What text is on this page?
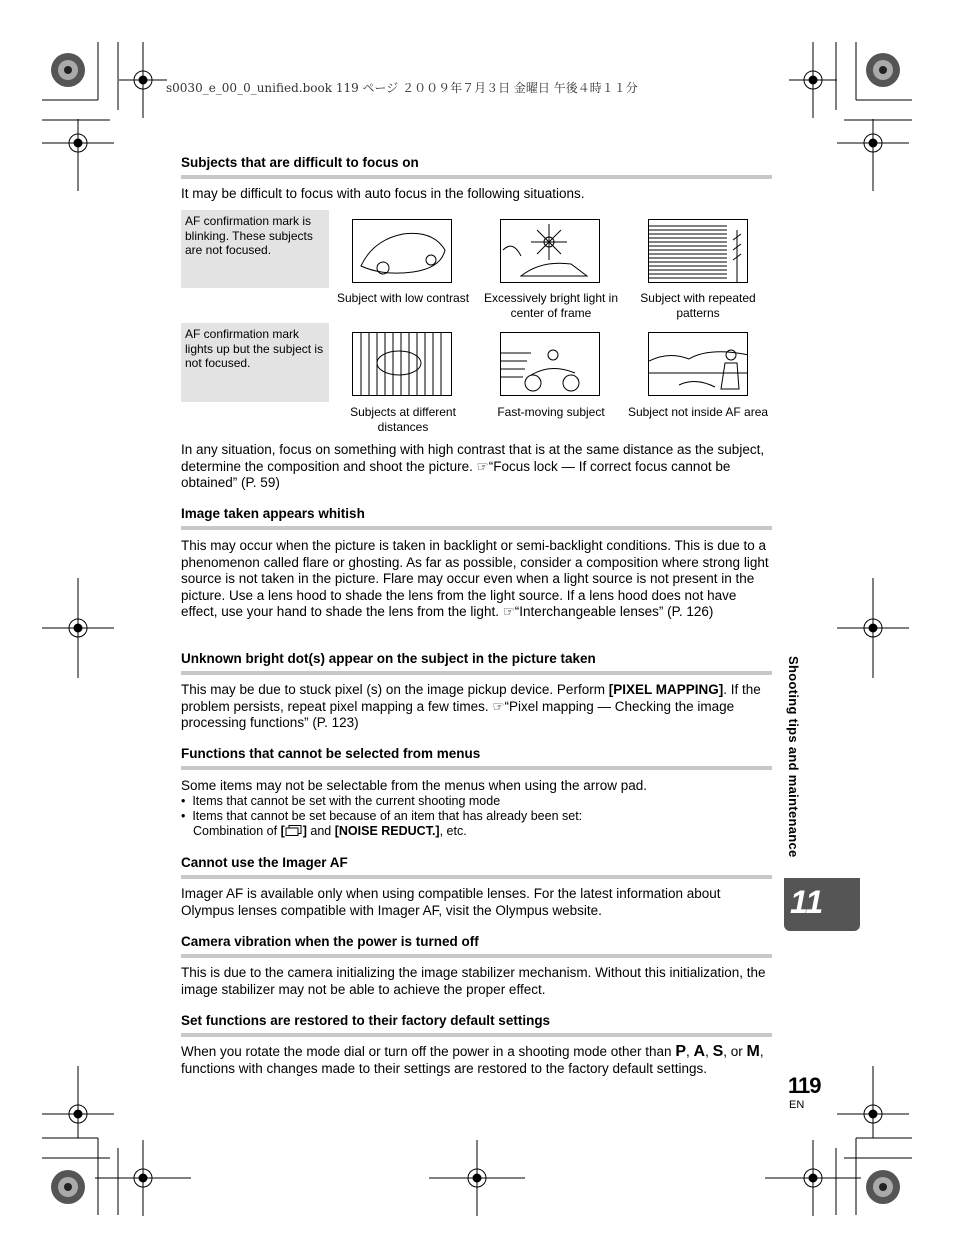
s0030_e_00_0_unified.book 119 ページ ２００９年７月３日 金曜日 午後４時１１分
Subjects that are difficult to focus on
It may be difficult to focus with auto focus in the following situations.
AF confirmation mark is blinking. These subjects are not focused.
AF confirmation mark lights up but the subject is not focused.
Subject with low contrast	Excessively bright light in center of frame
Subject with repeated patterns
Subjects at different distances
Fast-moving subject	Subject not inside AF area
In any situation, focus on something with high contrast that is at the same distance as the subject, determine the composition and shoot the picture. ☞“Focus lock — If correct focus cannot be obtained” (P. 59)
Image taken appears whitish
This may occur when the picture is taken in backlight or semi-backlight conditions. This is due to a phenomenon called flare or ghosting. As far as possible, consider a composition where strong light source is not taken in the picture. Flare may occur even when a light source is not present in the picture. Use a lens hood to shade the lens from the light source. If a lens hood does not have effect, use your hand to shade the lens from the light. ☞“Interchangeable lenses” (P. 126)
Unknown bright dot(s) appear on the subject in the picture taken
This may be due to stuck pixel (s) on the image pickup device. Perform [PIXEL MAPPING]. If the problem persists, repeat pixel mapping a few times. ☞“Pixel mapping — Checking the image processing functions” (P. 123)
Functions that cannot be selected from menus
Some items may not be selectable from the menus when using the arrow pad.
•  Items that cannot be set with the current shooting mode
•  Items that cannot be set because of an item that has already been set:
Combination of [ ] and [NOISE REDUCT.], etc.
Cannot use the Imager AF
Imager AF is available only when using compatible lenses. For the latest information about Olympus lenses compatible with Imager AF, visit the Olympus website.
Camera vibration when the power is turned off
This is due to the camera initializing the image stabilizer mechanism. Without this initialization, the image stabilizer may not be able to achieve the proper effect.
Set functions are restored to their factory default settings
When you rotate the mode dial or turn off the power in a shooting mode other than P, A, S, or M, functions with changes made to their settings are restored to the factory default settings.
Shooting tips and maintenance
11
119
EN
